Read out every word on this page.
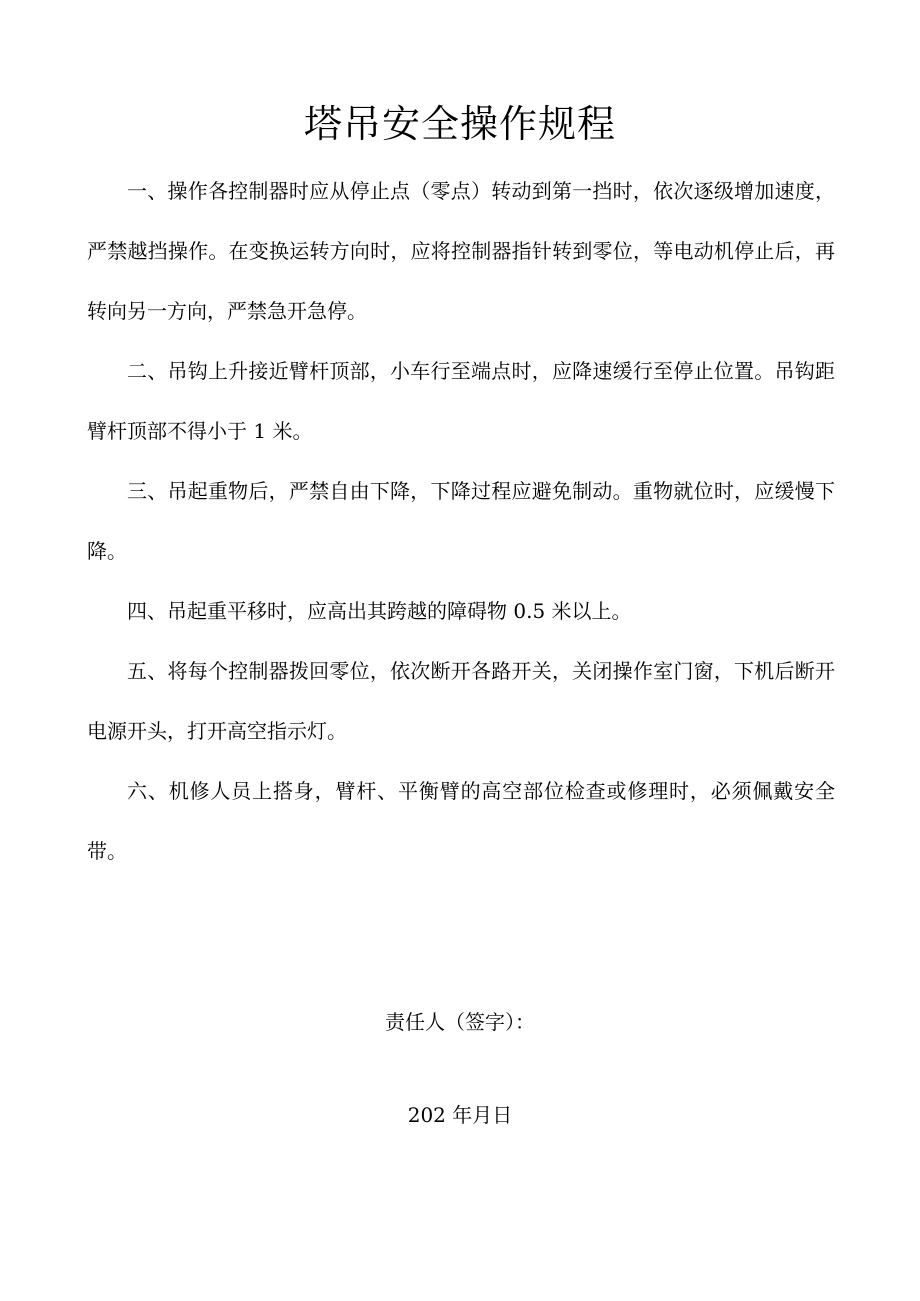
塔吊安全操作规程

一、操作各控制器时应从停止点（零点）转动到第一挡时，依次逐级增加速度，严禁越挡操作。在变换运转方向时，应将控制器指针转到零位，等电动机停止后，再转向另一方向，严禁急开急停。

二、吊钩上升接近臂杆顶部，小车行至端点时，应降速缓行至停止位置。吊钩距臂杆顶部不得小于 1 米。

三、吊起重物后，严禁自由下降，下降过程应避免制动。重物就位时，应缓慢下降。

四、吊起重平移时，应高出其跨越的障碍物 0.5 米以上。

五、将每个控制器拨回零位，依次断开各路开关，关闭操作室门窗，下机后断开电源开头，打开高空指示灯。

六、机修人员上搭身，臂杆、平衡臂的高空部位检查或修理时，必须佩戴安全带。

责任人（签字）：
202 年月日
